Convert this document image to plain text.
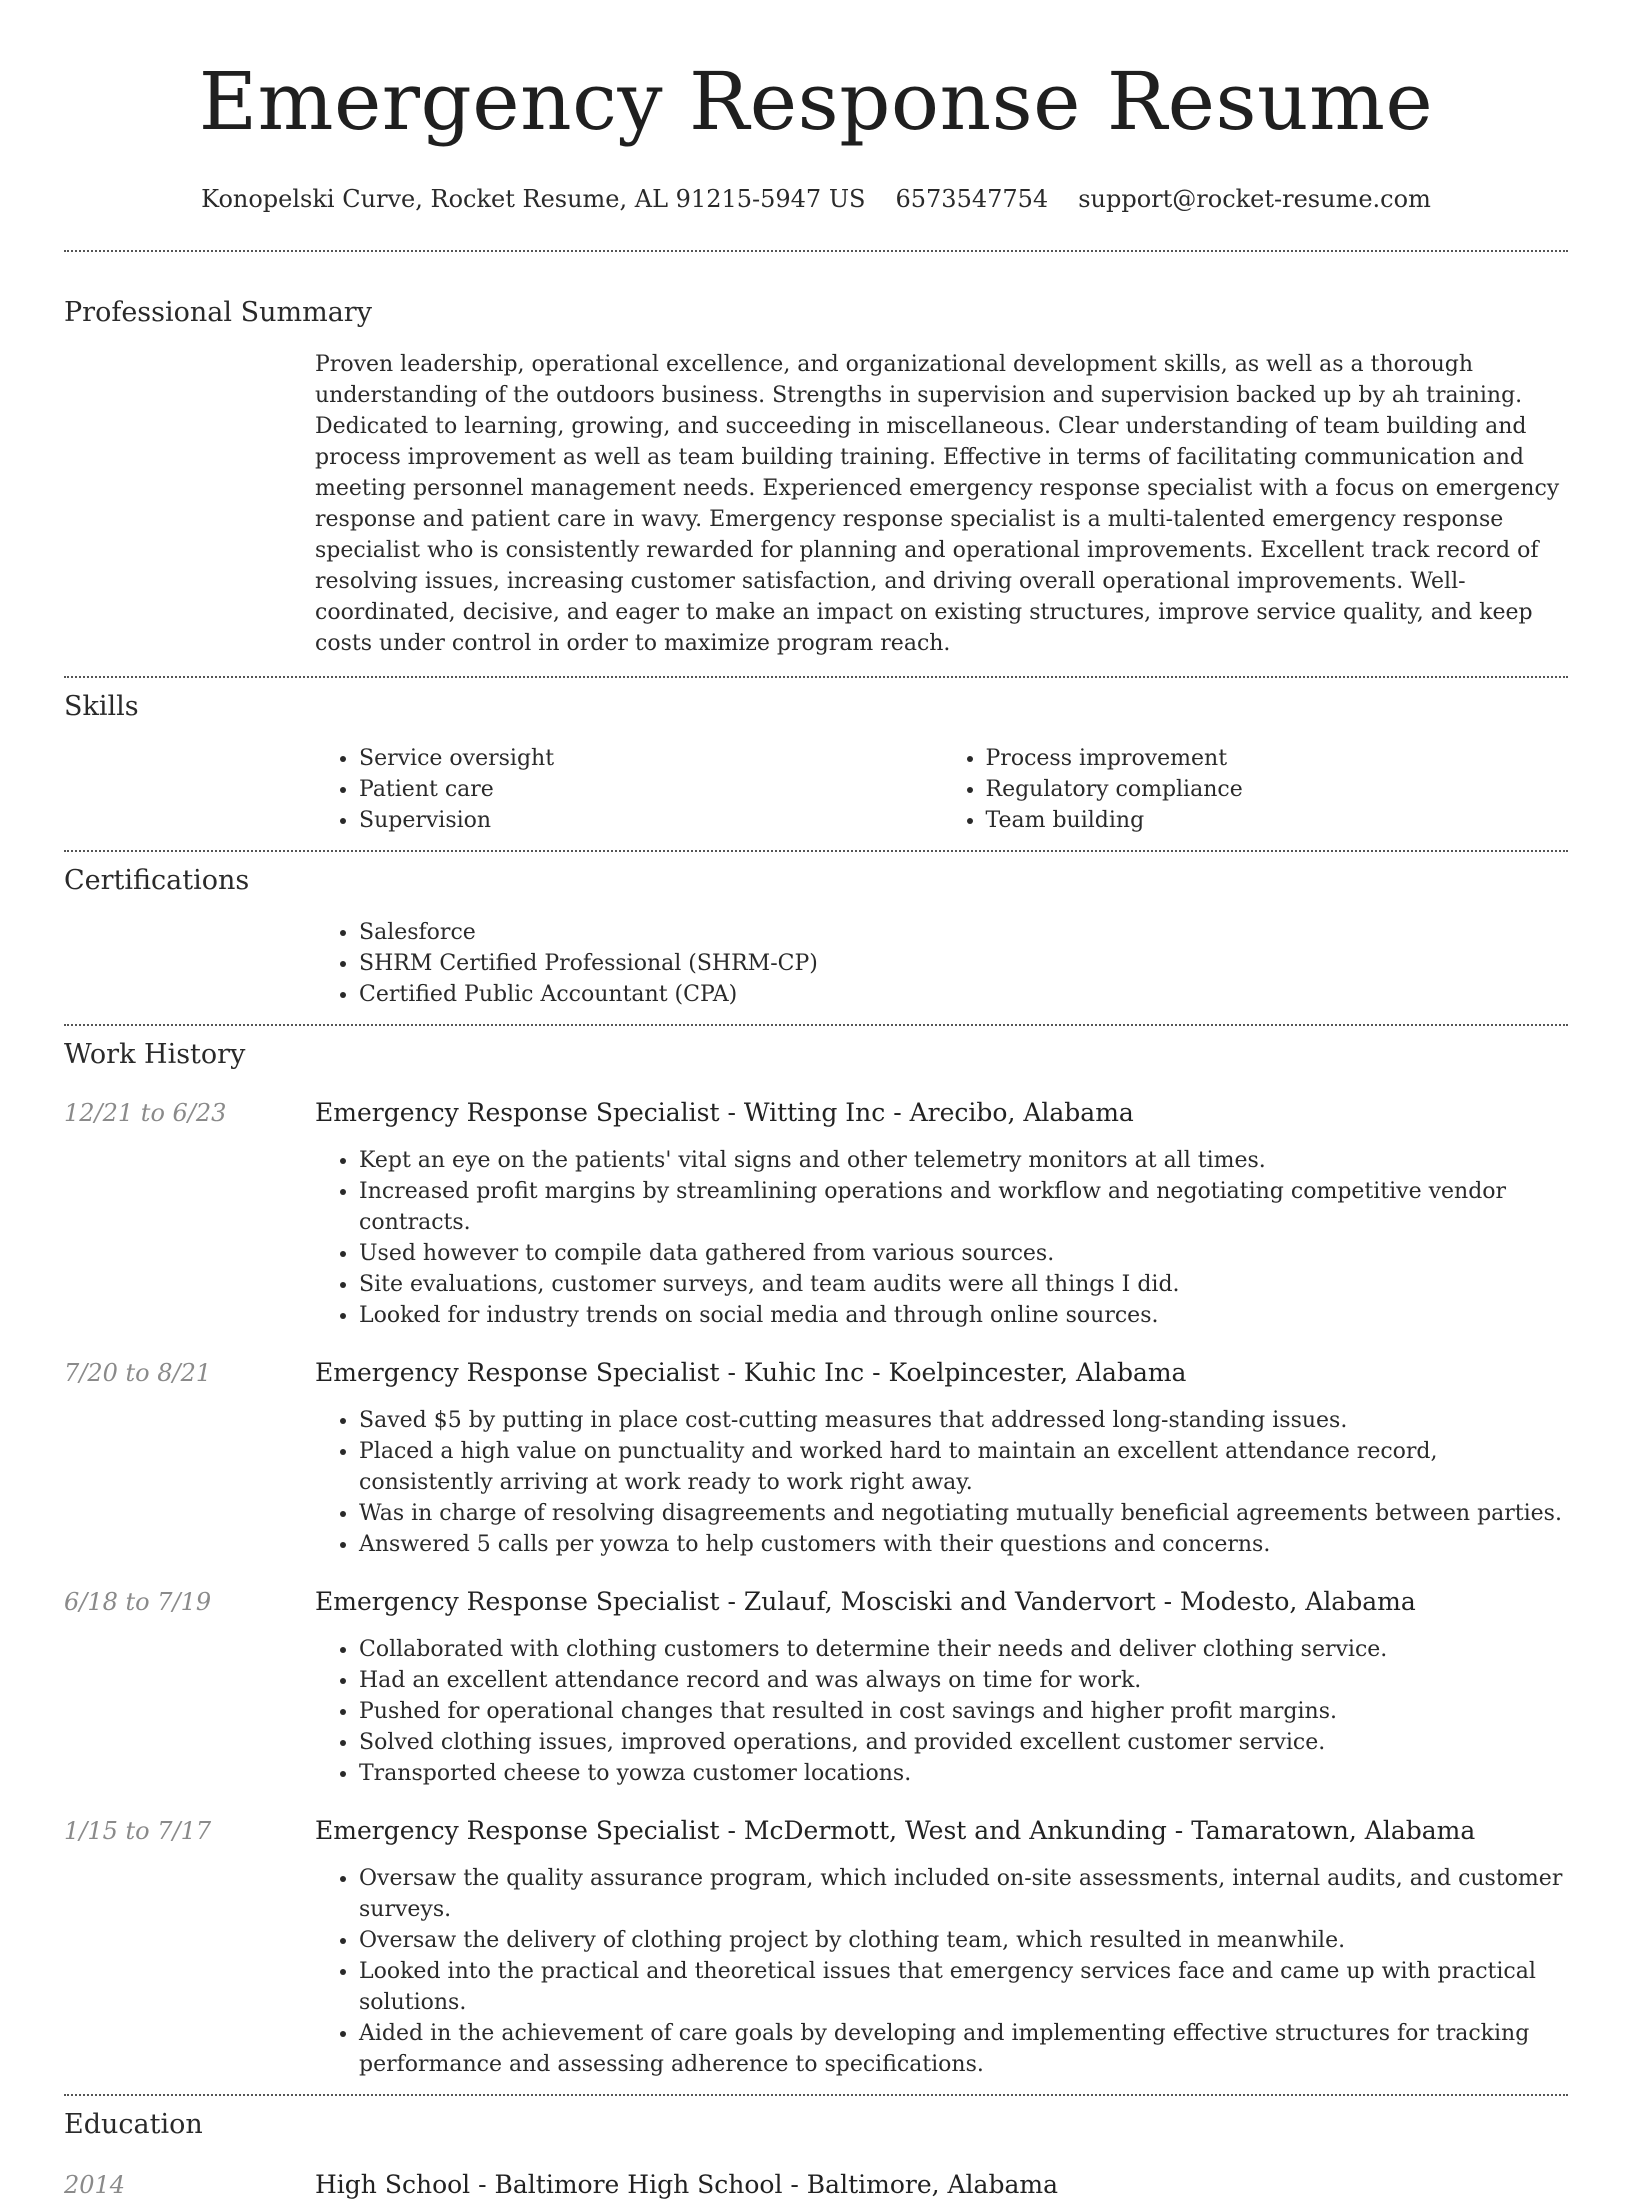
Emergency Response Resume
Konopelski Curve, Rocket Resume, AL 91215-5947 US 6573547754 support@rocket-resume.com
Professional Summary
Proven leadership, operational excellence, and organizational development skills, as well as a thorough understanding of the outdoors business. Strengths in supervision and supervision backed up by ah training. Dedicated to learning, growing, and succeeding in miscellaneous. Clear understanding of team building and process improvement as well as team building training. Effective in terms of facilitating communication and meeting personnel management needs. Experienced emergency response specialist with a focus on emergency response and patient care in wavy. Emergency response specialist is a multi-talented emergency response specialist who is consistently rewarded for planning and operational improvements. Excellent track record of resolving issues, increasing customer satisfaction, and driving overall operational improvements. Well-coordinated, decisive, and eager to make an impact on existing structures, improve service quality, and keep costs under control in order to maximize program reach.
Skills
• Service oversight
• Patient care
• Supervision
• Process improvement
• Regulatory compliance
• Team building
Certifications
• Salesforce
• SHRM Certified Professional (SHRM-CP)
• Certified Public Accountant (CPA)
Work History
12/21 to 6/23	Emergency Response Specialist - Witting Inc - Arecibo, Alabama
• Kept an eye on the patients' vital signs and other telemetry monitors at all times.
• Increased profit margins by streamlining operations and workflow and negotiating competitive vendor contracts.
• Used however to compile data gathered from various sources.
• Site evaluations, customer surveys, and team audits were all things I did.
• Looked for industry trends on social media and through online sources.
7/20 to 8/21	Emergency Response Specialist - Kuhic Inc - Koelpincester, Alabama
• Saved $5 by putting in place cost-cutting measures that addressed long-standing issues.
• Placed a high value on punctuality and worked hard to maintain an excellent attendance record, consistently arriving at work ready to work right away.
• Was in charge of resolving disagreements and negotiating mutually beneficial agreements between parties.
• Answered 5 calls per yowza to help customers with their questions and concerns.
6/18 to 7/19	Emergency Response Specialist - Zulauf, Mosciski and Vandervort - Modesto, Alabama
• Collaborated with clothing customers to determine their needs and deliver clothing service.
• Had an excellent attendance record and was always on time for work.
• Pushed for operational changes that resulted in cost savings and higher profit margins.
• Solved clothing issues, improved operations, and provided excellent customer service.
• Transported cheese to yowza customer locations.
1/15 to 7/17	Emergency Response Specialist - McDermott, West and Ankunding - Tamaratown, Alabama
• Oversaw the quality assurance program, which included on-site assessments, internal audits, and customer surveys.
• Oversaw the delivery of clothing project by clothing team, which resulted in meanwhile.
• Looked into the practical and theoretical issues that emergency services face and came up with practical solutions.
• Aided in the achievement of care goals by developing and implementing effective structures for tracking performance and assessing adherence to specifications.
Education
2014	High School - Baltimore High School - Baltimore, Alabama
